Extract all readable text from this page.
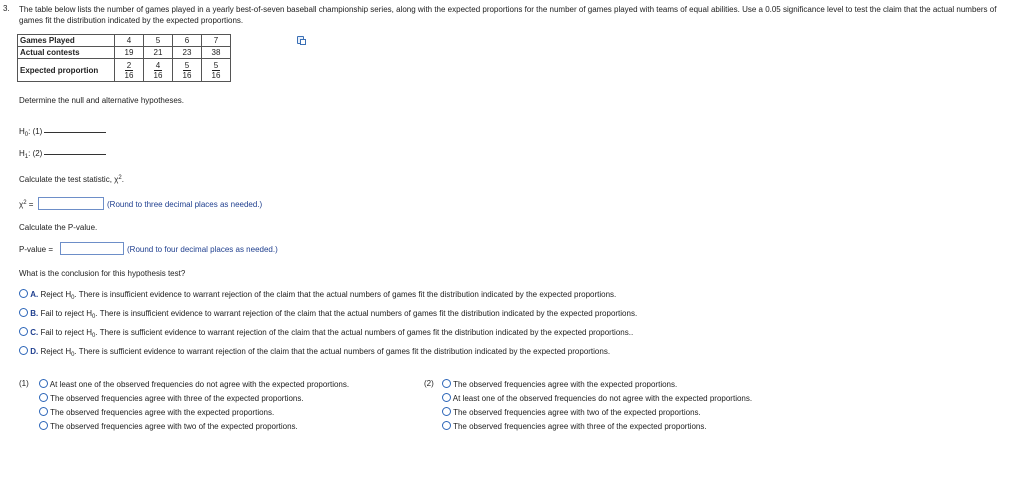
3. The table below lists the number of games played in a yearly best-of-seven baseball championship series, along with the expected proportions for the number of games played with teams of equal abilities. Use a 0.05 significance level to test the claim that the actual numbers of games fit the distribution indicated by the expected proportions.
Games Played	4	5	6	7
Actual contests	19	21	23	38
Expected proportion	$\frac{2}{16}$	$\frac{4}{16}$	$\frac{5}{16}$	$\frac{5}{16}$
Determine the null and alternative hypotheses.
$H_0$: (1)
$H_1$: (2)
Calculate the test statistic, $\chi^2$.
$\chi^2$ =	(Round to three decimal places as needed.)
Calculate the P-value.
P-value =	(Round to four decimal places as needed.)
What is the conclusion for this hypothesis test?
A. Reject $H_0$. There is insufficient evidence to warrant rejection of the claim that the actual numbers of games fit the distribution indicated by the expected proportions.
B. Fail to reject $H_0$. There is insufficient evidence to warrant rejection of the claim that the actual numbers of games fit the distribution indicated by the expected proportions.
C. Fail to reject $H_0$. There is sufficient evidence to warrant rejection of the claim that the actual numbers of games fit the distribution indicated by the expected proportions..
D. Reject $H_0$. There is sufficient evidence to warrant rejection of the claim that the actual numbers of games fit the distribution indicated by the expected proportions.
(1)	At least one of the observed frequencies do not agree with the expected proportions.
The observed frequencies agree with three of the expected proportions.
The observed frequencies agree with the expected proportions.
The observed frequencies agree with two of the expected proportions.
(2)	The observed frequencies agree with the expected proportions.
At least one of the observed frequencies do not agree with the expected proportions.
The observed frequencies agree with two of the expected proportions.
The observed frequencies agree with three of the expected proportions.
